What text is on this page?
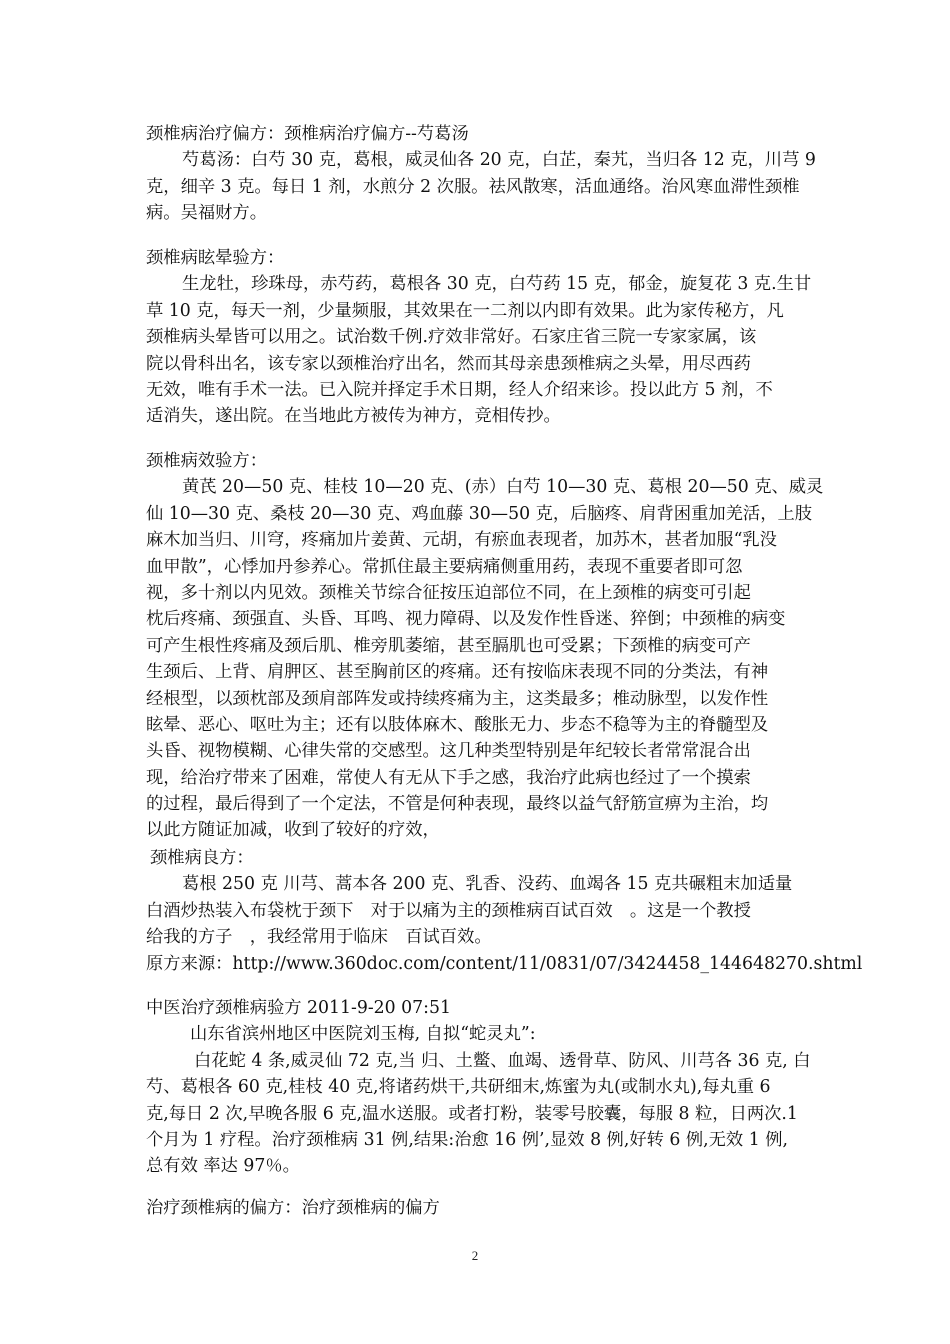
颈椎病治疗偏方：颈椎病治疗偏方--芍葛汤
芍葛汤：白芍 30 克，葛根，威灵仙各 20 克，白芷，秦艽，当归各 12 克，川芎 9
克，细辛 3 克。每日 1 剂，水煎分 2 次服。祛风散寒，活血通络。治风寒血滞性颈椎
病。吴福财方。
颈椎病眩晕验方：
生龙牡，珍珠母，赤芍药，葛根各 30 克，白芍药 15 克，郁金，旋复花 3 克.生甘
草 10 克，每天一剂，少量频服，其效果在一二剂以内即有效果。此为家传秘方，凡
颈椎病头晕皆可以用之。试治数千例.疗效非常好。石家庄省三院一专家家属，该
院以骨科出名，该专家以颈椎治疗出名，然而其母亲患颈椎病之头晕，用尽西药
无效，唯有手术一法。已入院并择定手术日期，经人介绍来诊。投以此方 5 剂，不
适消失，遂出院。在当地此方被传为神方，竞相传抄。
颈椎病效验方：
黄芪 20—50 克、桂枝 10—20 克、(赤）白芍 10—30 克、葛根 20—50 克、威灵
仙 10—30 克、桑枝 20—30 克、鸡血藤 30—50 克，后脑疼、肩背困重加羌活，上肢
麻木加当归、川穹，疼痛加片姜黄、元胡，有瘀血表现者，加苏木，甚者加服“乳没
血甲散”，心悸加丹参养心。常抓住最主要病痛侧重用药，表现不重要者即可忽
视，多十剂以内见效。颈椎关节综合征按压迫部位不同，在上颈椎的病变可引起
枕后疼痛、颈强直、头昏、耳鸣、视力障碍、以及发作性昏迷、猝倒；中颈椎的病变
可产生根性疼痛及颈后肌、椎旁肌萎缩，甚至膈肌也可受累；下颈椎的病变可产
生颈后、上背、肩胛区、甚至胸前区的疼痛。还有按临床表现不同的分类法，有神
经根型，以颈枕部及颈肩部阵发或持续疼痛为主，这类最多；椎动脉型，以发作性
眩晕、恶心、呕吐为主；还有以肢体麻木、酸胀无力、步态不稳等为主的脊髓型及
头昏、视物模糊、心律失常的交感型。这几种类型特别是年纪较长者常常混合出
现，给治疗带来了困难，常使人有无从下手之感，我治疗此病也经过了一个摸索
的过程，最后得到了一个定法，不管是何种表现，最终以益气舒筋宣痹为主治，均
以此方随证加减，收到了较好的疗效，
颈椎病良方：
葛根 250 克 川芎、蒿本各 200 克、乳香、没药、血竭各 15 克共碾粗末加适量
白酒炒热装入布袋枕于颈下　对于以痛为主的颈椎病百试百效　。这是一个教授
给我的方子　，我经常用于临床　百试百效。
原方来源：http://www.360doc.com/content/11/0831/07/3424458_144648270.shtml
中医治疗颈椎病验方 2011-9-20 07:51
山东省滨州地区中医院刘玉梅, 自拟“蛇灵丸”:
白花蛇 4 条,威灵仙 72 克,当 归、土鳖、血竭、透骨草、防风、川芎各 36 克, 白
芍、葛根各 60 克,桂枝 40 克,将诸药烘干,共研细末,炼蜜为丸(或制水丸),每丸重 6
克,每日 2 次,早晚各服 6 克,温水送服。或者打粉，装零号胶囊，每服 8 粒，日两次.1
个月为 1 疗程。治疗颈椎病 31 例,结果:治愈 16 例’,显效 8 例,好转 6 例,无效 1 例,
总有效 率达 97％。
治疗颈椎病的偏方：治疗颈椎病的偏方
2
